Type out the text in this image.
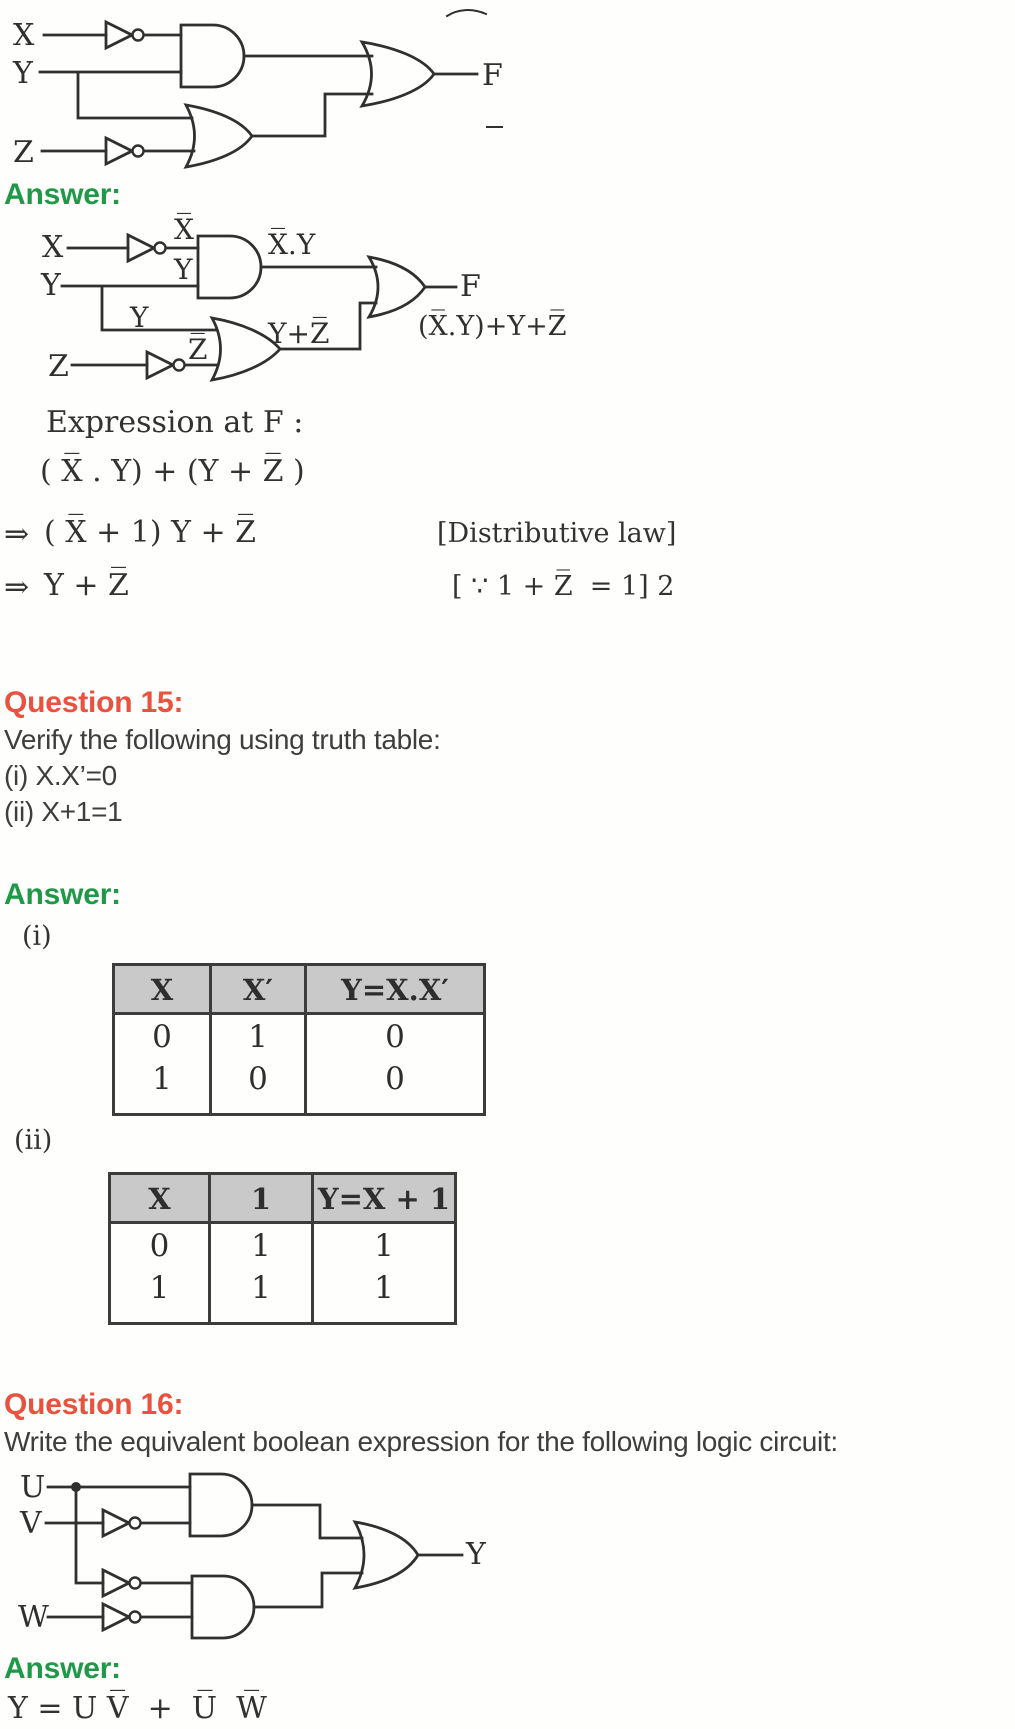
X
Y
Z
F
Answer:
X
Y
Z
X̅
Y
Y
Z̅
X̅.Y
Y+Z̅
F
(X̅.Y)+Y+Z̅
Expression at F :
( X̅ . Y) + (Y + Z̅ )
⇒ ( X̅ + 1) Y + Z̅	[Distributive law]
⇒ Y + Z̅	[ ∵ 1 + Z̅  = 1] 2
Question 15:
Verify the following using truth table:
(i) X.X’=0
(ii) X+1=1
Answer:
(i)
X	X′	Y=X.X′
0	1	0
1	0	0
(ii)
X	1	Y=X + 1
0	1	1
1	1	1
Question 16:
Write the equivalent boolean expression for the following logic circuit:
U
V
W
Y
Answer:
Y = U V̅  +  U̅  W̅
